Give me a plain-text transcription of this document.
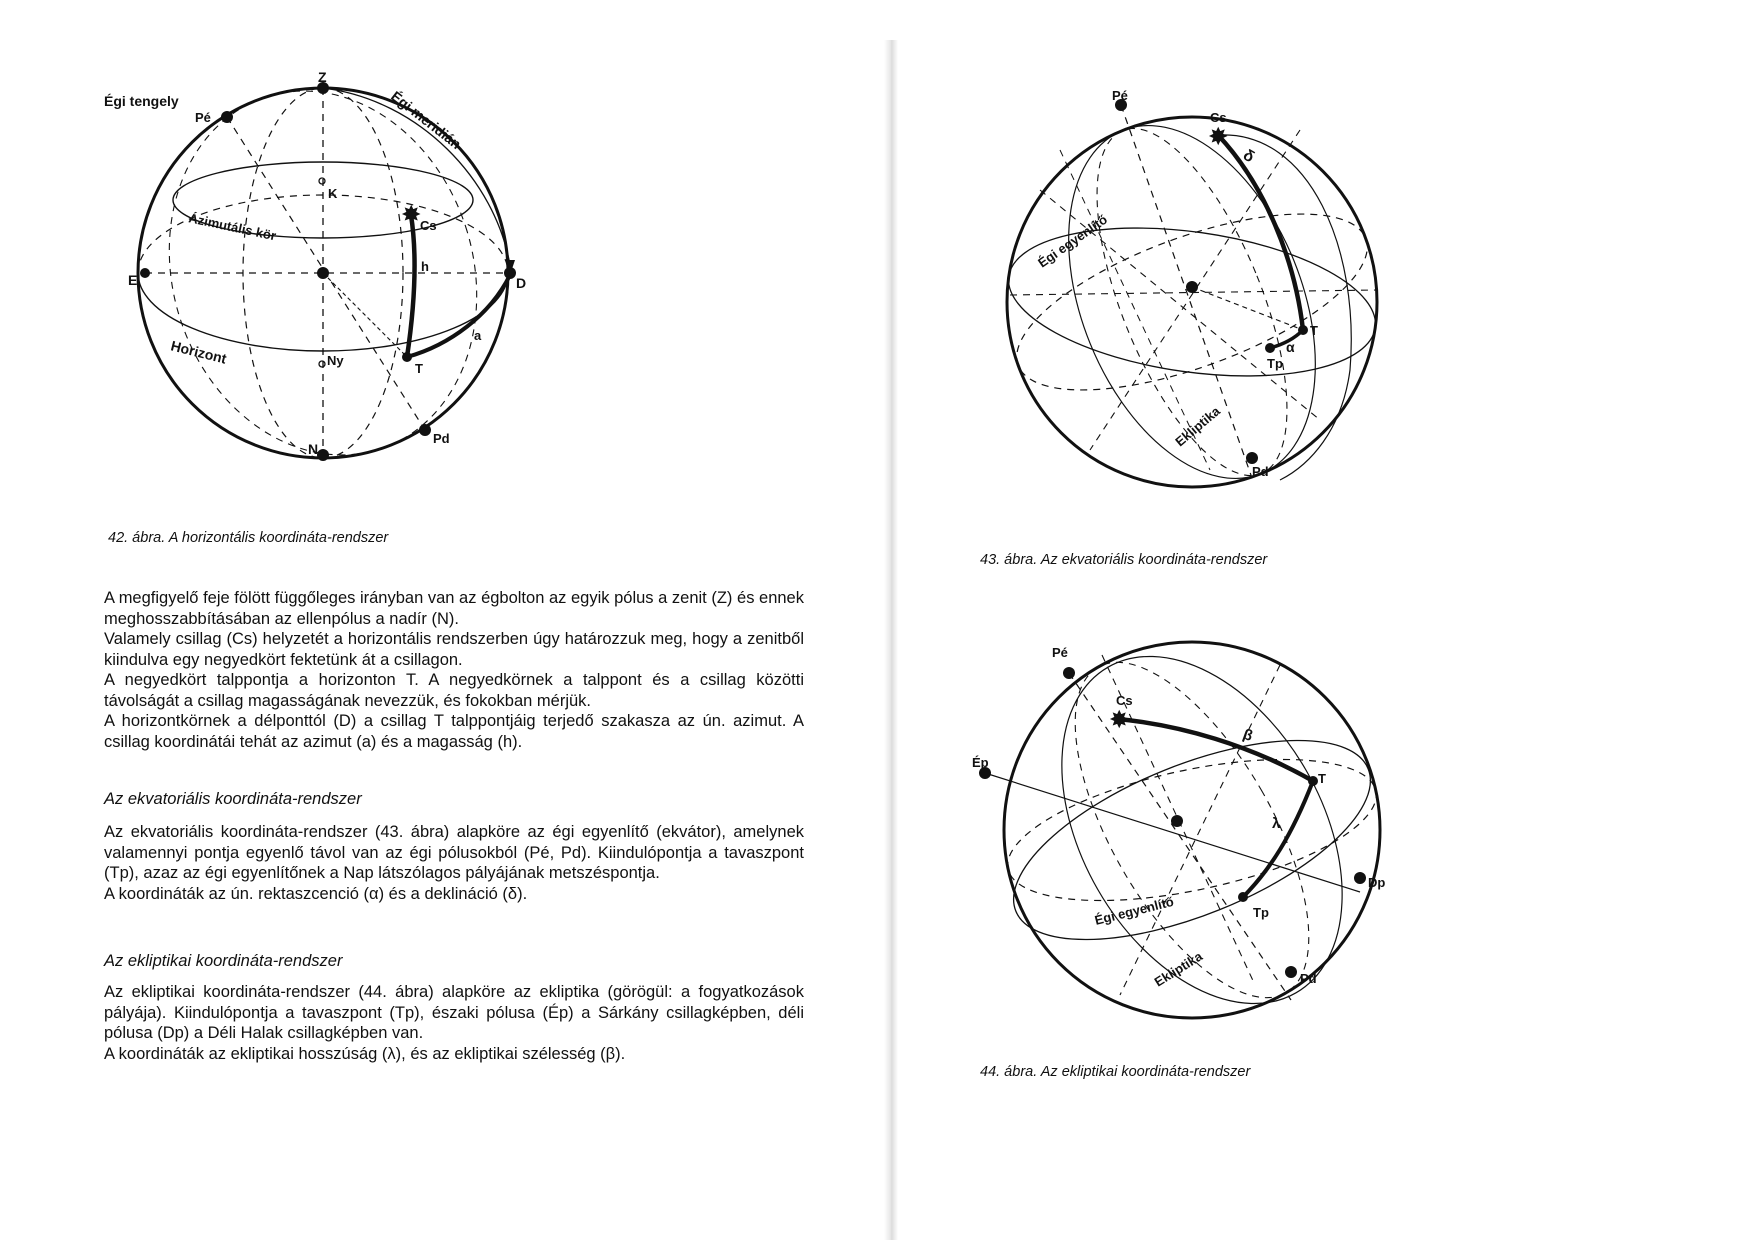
✸
Égi tengely
Pé
Z
Égi meridián
K
Cs
Ázimutális kör
E
h
D
a
Horizont	Ny
T
Pd
N
42. ábra. A horizontális koordináta-rendszer

A megfigyelő feje fölött függőleges irányban van az égbolton az egyik pólus a zenit (Z) és ennek meghosszabbításában az ellenpólus a nadír (N).

Valamely csillag (Cs) helyzetét a horizontális rendszerben úgy határozzuk meg, hogy a zenitből kiindulva egy negyedkört fektetünk át a csillagon.

A negyedkört talppontja a horizonton T. A negyedkörnek a talppont és a csillag közötti távolságát a csillag magasságának nevezzük, és fokokban mérjük.

A horizontkörnek a délponttól (D) a csillag T talppontjáig terjedő szakasza az ún. azimut. A csillag koordinátái tehát az azimut (a) és a magasság (h).

Az ekvatoriális koordináta-rendszer

Az ekvatoriális koordináta-rendszer (43. ábra) alapköre az égi egyenlítő (ekvátor), amelynek valamennyi pontja egyenlő távol van az égi pólusokból (Pé, Pd). Kiindulópontja a tavaszpont (Tp), azaz az égi egyenlítőnek a Nap látszólagos pályájának metszéspontja.

A koordináták az ún. rektaszcenció (α) és a deklináció (δ).

Az ekliptikai koordináta-rendszer

Az ekliptikai koordináta-rendszer (44. ábra) alapköre az ekliptika (görögül: a fogyatkozások pályája). Kiindulópontja a tavaszpont (Tp), északi pólusa (Ép) a Sárkány csillagképben, déli pólusa (Dp) a Déli Halak csillagképben van.

A koordináták az ekliptikai hosszúság (λ), és az ekliptikai szélesség (β).

✸
Pé
Cs
δ
Égi egyenlítő
T
α
Tp
Ekliptika
Pd
43. ábra. Az ekvatoriális koordináta-rendszer
✸
Pé
Cs
β
Ép
T
λ
Dp
Égi egyenlítő	Tp
Ekliptika	Pd
44. ábra. Az ekliptikai koordináta-rendszer
